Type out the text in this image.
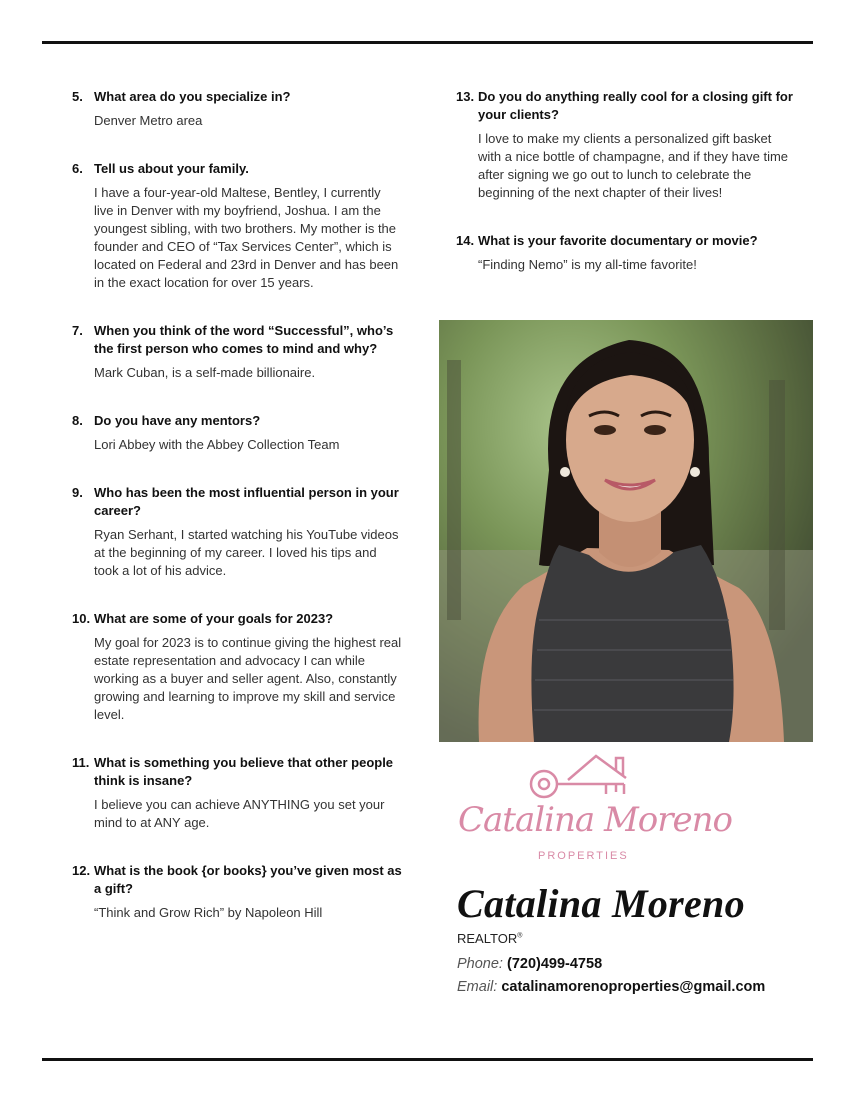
5. What area do you specialize in?
Denver Metro area
6. Tell us about your family.
I have a four-year-old Maltese, Bentley, I currently live in Denver with my boyfriend, Joshua. I am the youngest sibling, with two brothers. My mother is the founder and CEO of “Tax Services Center”, which is located on Federal and 23rd in Denver and has been in the exact location for over 15 years.
7. When you think of the word “Successful”, who’s the first person who comes to mind and why?
Mark Cuban, is a self-made billionaire.
8. Do you have any mentors?
Lori Abbey with the Abbey Collection Team
9. Who has been the most influential person in your career?
Ryan Serhant, I started watching his YouTube videos at the beginning of my career. I loved his tips and took a lot of his advice.
10. What are some of your goals for 2023?
My goal for 2023 is to continue giving the highest real estate representation and advocacy I can while working as a buyer and seller agent. Also, constantly growing and learning to improve my skill and service level.
11. What is something you believe that other people think is insane?
I believe you can achieve ANYTHING you set your mind to at ANY age.
12. What is the book {or books} you’ve given most as a gift?
“Think and Grow Rich” by Napoleon Hill
13. Do you do anything really cool for a closing gift for your clients?
I love to make my clients a personalized gift basket with a nice bottle of champagne, and if they have time after signing we go out to lunch to celebrate the beginning of the next chapter of their lives!
14. What is your favorite documentary or movie?
“Finding Nemo” is my all-time favorite!
Catalina Moreno
PROPERTIES
Catalina Moreno
REALTOR®
Phone: (720)499-4758
Email: catalinamorenoproperties@gmail.com
